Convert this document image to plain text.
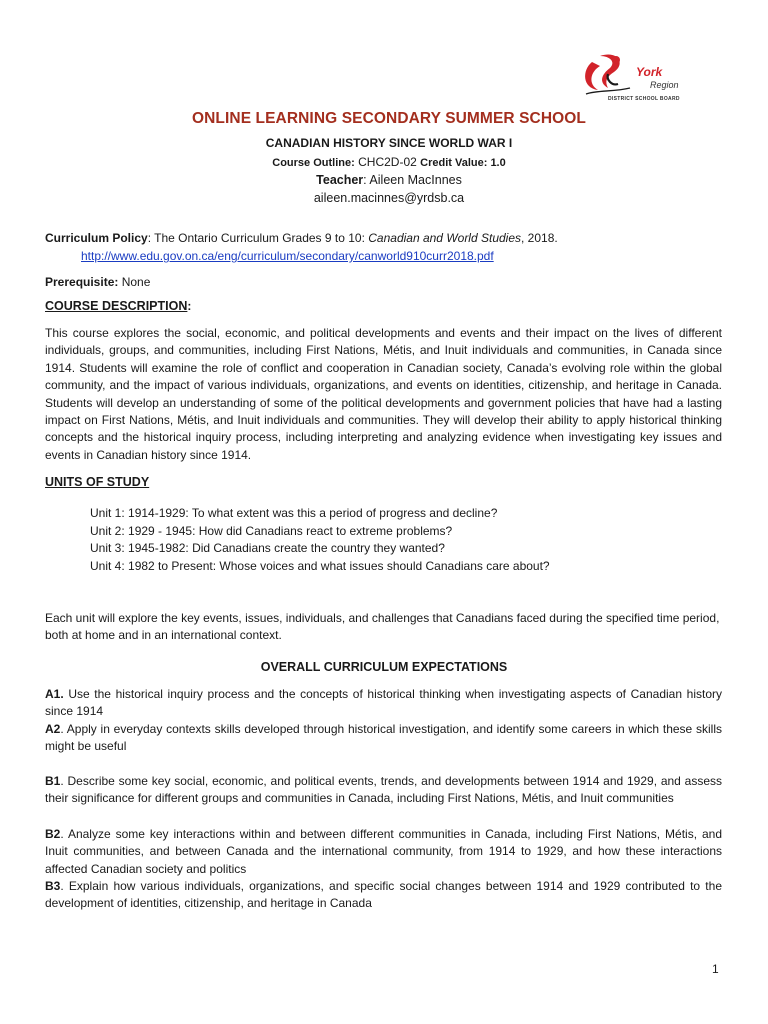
York
Region
DISTRICT SCHOOL BOARD
ONLINE LEARNING SECONDARY SUMMER SCHOOL
CANADIAN HISTORY SINCE WORLD WAR I
Course Outline: CHC2D-02 Credit Value: 1.0
Teacher: Aileen MacInnes
aileen.macinnes@yrdsb.ca
Curriculum Policy: The Ontario Curriculum Grades 9 to 10: Canadian and World Studies, 2018.
http://www.edu.gov.on.ca/eng/curriculum/secondary/canworld910curr2018.pdf
Prerequisite: None
COURSE DESCRIPTION:
This course explores the social, economic, and political developments and events and their impact on the lives of different individuals, groups, and communities, including First Nations, Métis, and Inuit individuals and communities, in Canada since 1914. Students will examine the role of conflict and cooperation in Canadian society, Canada’s evolving role within the global community, and the impact of various individuals, organizations, and events on identities, citizenship, and heritage in Canada. Students will develop an understanding of some of the political developments and government policies that have had a lasting impact on First Nations, Métis, and Inuit individuals and communities. They will develop their ability to apply historical thinking concepts and the historical inquiry process, including interpreting and analyzing evidence when investigating key issues and events in Canadian history since 1914.
UNITS OF STUDY
Unit 1: 1914-1929: To what extent was this a period of progress and decline?
Unit 2: 1929 - 1945: How did Canadians react to extreme problems?
Unit 3: 1945-1982: Did Canadians create the country they wanted?
Unit 4: 1982 to Present: Whose voices and what issues should Canadians care about?
Each unit will explore the key events, issues, individuals, and challenges that Canadians faced during the specified time period, both at home and in an international context.
OVERALL CURRICULUM EXPECTATIONS
A1. Use the historical inquiry process and the concepts of historical thinking when investigating aspects of Canadian history since 1914
A2. Apply in everyday contexts skills developed through historical investigation, and identify some careers in which these skills might be useful
B1. Describe some key social, economic, and political events, trends, and developments between 1914 and 1929, and assess their significance for different groups and communities in Canada, including First Nations, Métis, and Inuit communities
B2. Analyze some key interactions within and between different communities in Canada, including First Nations, Métis, and Inuit communities, and between Canada and the international community, from 1914 to 1929, and how these interactions affected Canadian society and politics
B3. Explain how various individuals, organizations, and specific social changes between 1914 and 1929 contributed to the development of identities, citizenship, and heritage in Canada
1
